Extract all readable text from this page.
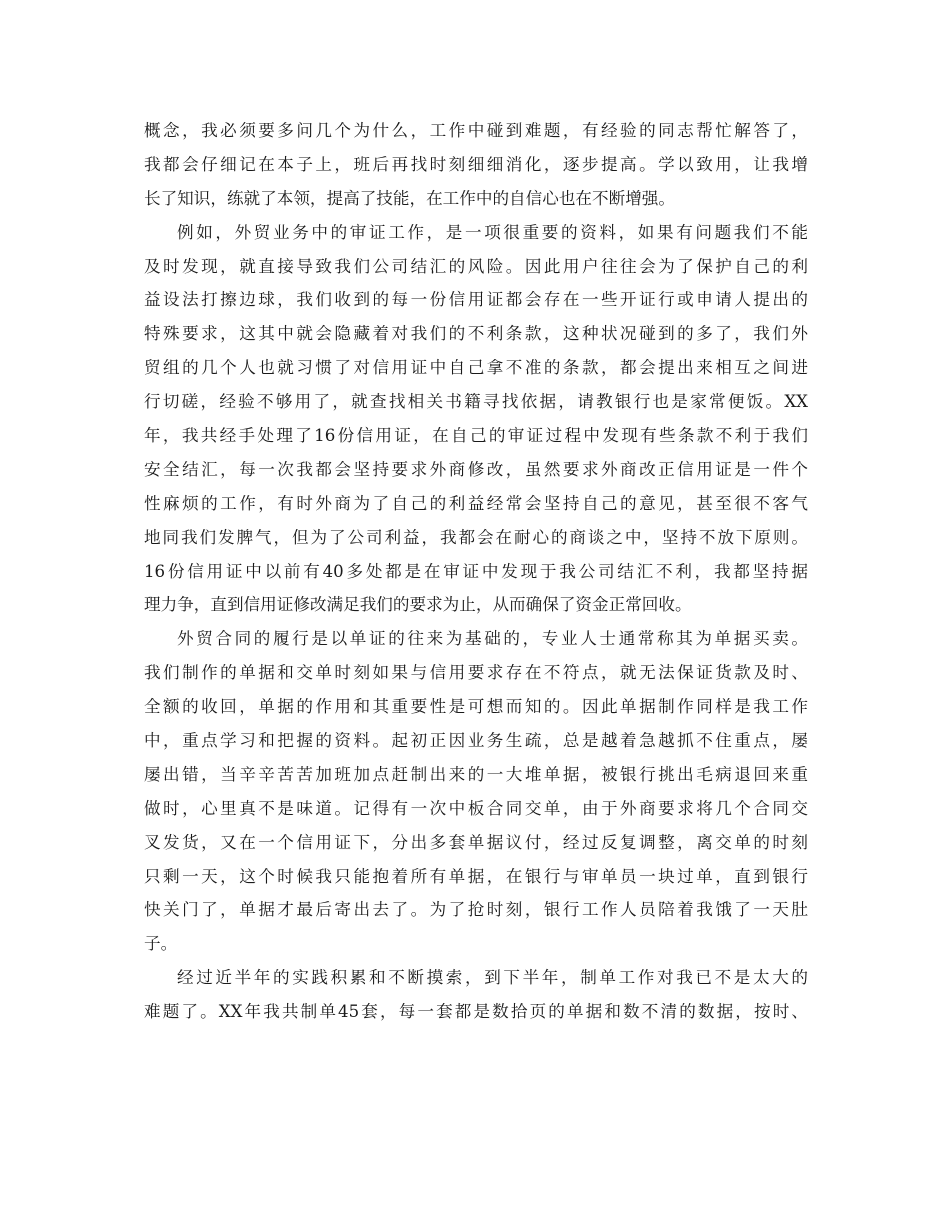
概念，我必须要多问几个为什么，工作中碰到难题，有经验的同志帮忙解答了，
我都会仔细记在本子上，班后再找时刻细细消化，逐步提高。学以致用，让我增
长了知识，练就了本领，提高了技能，在工作中的自信心也在不断增强。
例如，外贸业务中的审证工作，是一项很重要的资料，如果有问题我们不能
及时发现，就直接导致我们公司结汇的风险。因此用户往往会为了保护自己的利
益设法打擦边球，我们收到的每一份信用证都会存在一些开证行或申请人提出的
特殊要求，这其中就会隐藏着对我们的不利条款，这种状况碰到的多了，我们外
贸组的几个人也就习惯了对信用证中自己拿不准的条款，都会提出来相互之间进
行切磋，经验不够用了，就查找相关书籍寻找依据，请教银行也是家常便饭。XX
年，我共经手处理了16份信用证，在自己的审证过程中发现有些条款不利于我们
安全结汇，每一次我都会坚持要求外商修改，虽然要求外商改正信用证是一件个
性麻烦的工作，有时外商为了自己的利益经常会坚持自己的意见，甚至很不客气
地同我们发脾气，但为了公司利益，我都会在耐心的商谈之中，坚持不放下原则。
16份信用证中以前有40多处都是在审证中发现于我公司结汇不利，我都坚持据
理力争，直到信用证修改满足我们的要求为止，从而确保了资金正常回收。
外贸合同的履行是以单证的往来为基础的，专业人士通常称其为单据买卖。
我们制作的单据和交单时刻如果与信用要求存在不符点，就无法保证货款及时、
全额的收回，单据的作用和其重要性是可想而知的。因此单据制作同样是我工作
中，重点学习和把握的资料。起初正因业务生疏，总是越着急越抓不住重点，屡
屡出错，当辛辛苦苦加班加点赶制出来的一大堆单据，被银行挑出毛病退回来重
做时，心里真不是味道。记得有一次中板合同交单，由于外商要求将几个合同交
叉发货，又在一个信用证下，分出多套单据议付，经过反复调整，离交单的时刻
只剩一天，这个时候我只能抱着所有单据，在银行与审单员一块过单，直到银行
快关门了，单据才最后寄出去了。为了抢时刻，银行工作人员陪着我饿了一天肚
子。
经过近半年的实践积累和不断摸索，到下半年，制单工作对我已不是太大的
难题了。XX年我共制单45套，每一套都是数拾页的单据和数不清的数据，按时、
